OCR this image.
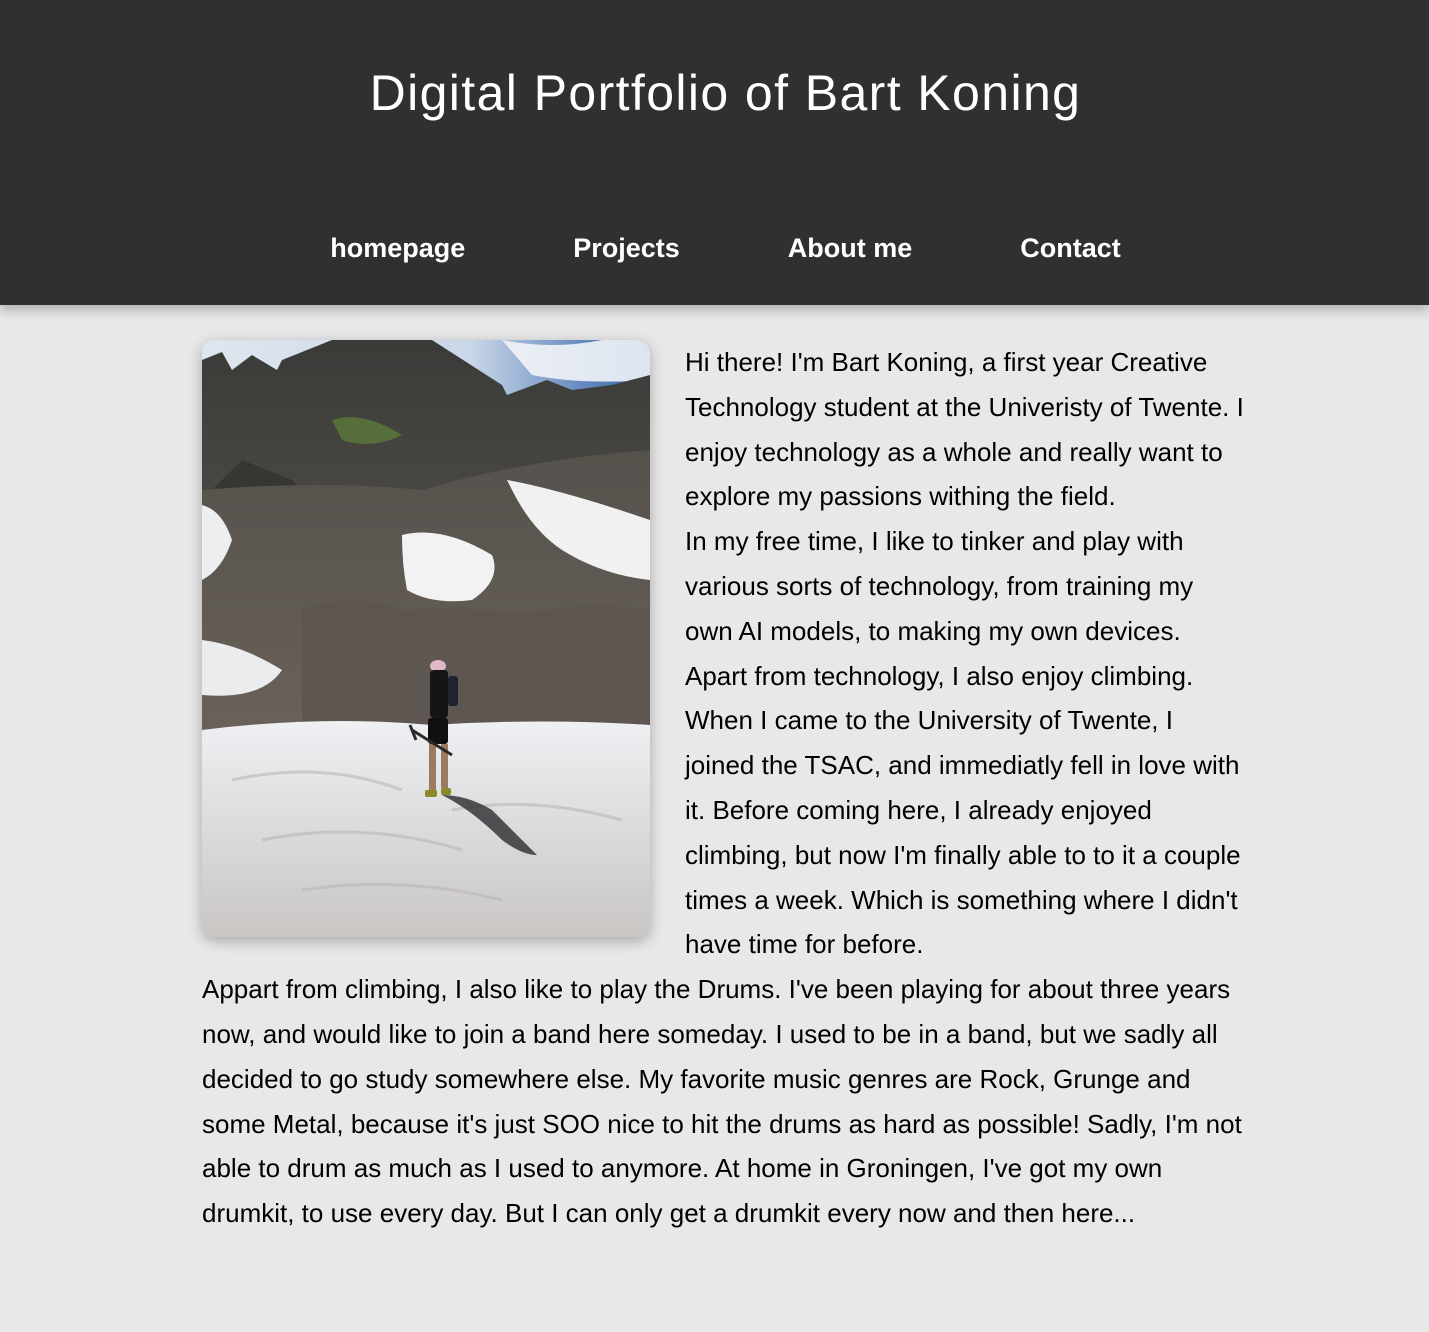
Digital Portfolio of Bart Koning
homepage	Projects	About me	Contact

Hi there! I'm Bart Koning, a first year Creative Technology student at the Univeristy of Twente. I enjoy technology as a whole and really want to explore my passions withing the field.

In my free time, I like to tinker and play with various sorts of technology, from training my own AI models, to making my own devices. Apart from technology, I also enjoy climbing. When I came to the University of Twente, I joined the TSAC, and immediatly fell in love with it. Before coming here, I already enjoyed climbing, but now I'm finally able to to it a couple times a week. Which is something where I didn't have time for before.

Appart from climbing, I also like to play the Drums. I've been playing for about three years now, and would like to join a band here someday. I used to be in a band, but we sadly all decided to go study somewhere else. My favorite music genres are Rock, Grunge and some Metal, because it's just SOO nice to hit the drums as hard as possible! Sadly, I'm not able to drum as much as I used to anymore. At home in Groningen, I've got my own drumkit, to use every day. But I can only get a drumkit every now and then here...
